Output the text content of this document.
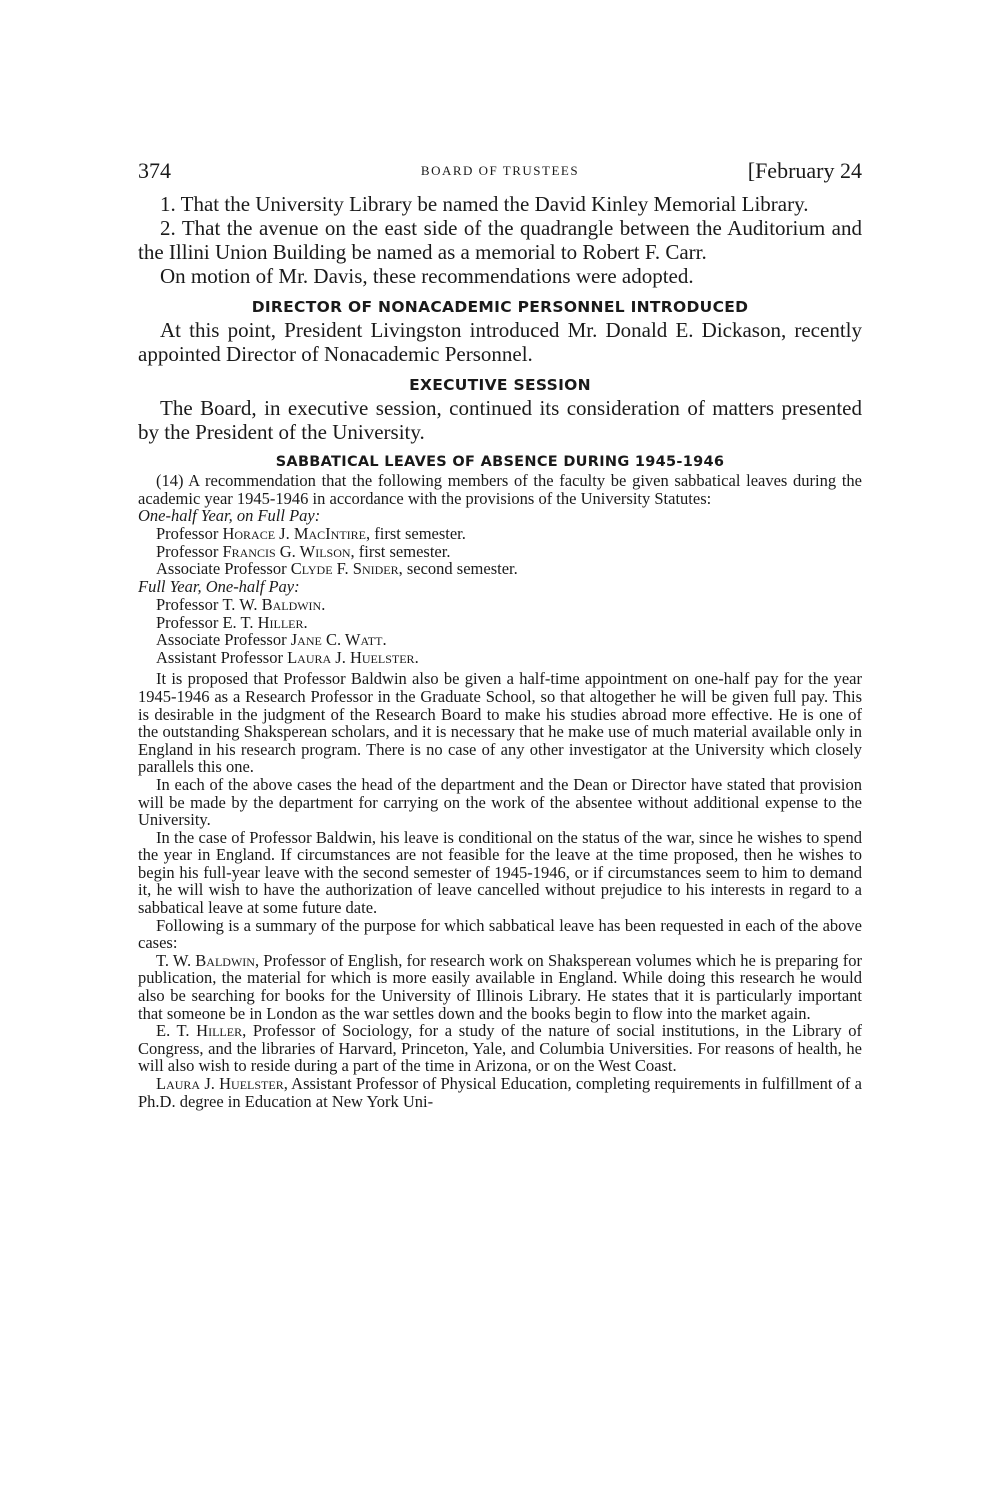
374	BOARD OF TRUSTEES	[February 24

1. That the University Library be named the David Kinley Memorial Library.

2. That the avenue on the east side of the quadrangle between the Auditorium and the Illini Union Building be named as a memorial to Robert F. Carr.

On motion of Mr. Davis, these recommendations were adopted.

DIRECTOR OF NONACADEMIC PERSONNEL INTRODUCED

At this point, President Livingston introduced Mr. Donald E. Dickason, recently appointed Director of Nonacademic Personnel.

EXECUTIVE SESSION

The Board, in executive session, continued its consideration of matters presented by the President of the University.

SABBATICAL LEAVES OF ABSENCE DURING 1945-1946

(14) A recommendation that the following members of the faculty be given sabbatical leaves during the academic year 1945-1946 in accordance with the provisions of the University Statutes:

One-half Year, on Full Pay:
Professor Horace J. MacIntire, first semester.
Professor Francis G. Wilson, first semester.
Associate Professor Clyde F. Snider, second semester.
Full Year, One-half Pay:
Professor T. W. Baldwin.
Professor E. T. Hiller.
Associate Professor Jane C. Watt.
Assistant Professor Laura J. Huelster.

It is proposed that Professor Baldwin also be given a half-time appointment on one-half pay for the year 1945-1946 as a Research Professor in the Graduate School, so that altogether he will be given full pay. This is desirable in the judgment of the Research Board to make his studies abroad more effective. He is one of the outstanding Shaksperean scholars, and it is necessary that he make use of much material available only in England in his research program. There is no case of any other investigator at the University which closely parallels this one.

In each of the above cases the head of the department and the Dean or Director have stated that provision will be made by the department for carrying on the work of the absentee without additional expense to the University.

In the case of Professor Baldwin, his leave is conditional on the status of the war, since he wishes to spend the year in England. If circumstances are not feasible for the leave at the time proposed, then he wishes to begin his full-year leave with the second semester of 1945-1946, or if circumstances seem to him to demand it, he will wish to have the authorization of leave cancelled without prejudice to his interests in regard to a sabbatical leave at some future date.

Following is a summary of the purpose for which sabbatical leave has been requested in each of the above cases:

T. W. Baldwin, Professor of English, for research work on Shaksperean volumes which he is preparing for publication, the material for which is more easily available in England. While doing this research he would also be searching for books for the University of Illinois Library. He states that it is particularly important that someone be in London as the war settles down and the books begin to flow into the market again.

E. T. Hiller, Professor of Sociology, for a study of the nature of social institutions, in the Library of Congress, and the libraries of Harvard, Princeton, Yale, and Columbia Universities. For reasons of health, he will also wish to reside during a part of the time in Arizona, or on the West Coast.

Laura J. Huelster, Assistant Professor of Physical Education, completing requirements in fulfillment of a Ph.D. degree in Education at New York Uni-
